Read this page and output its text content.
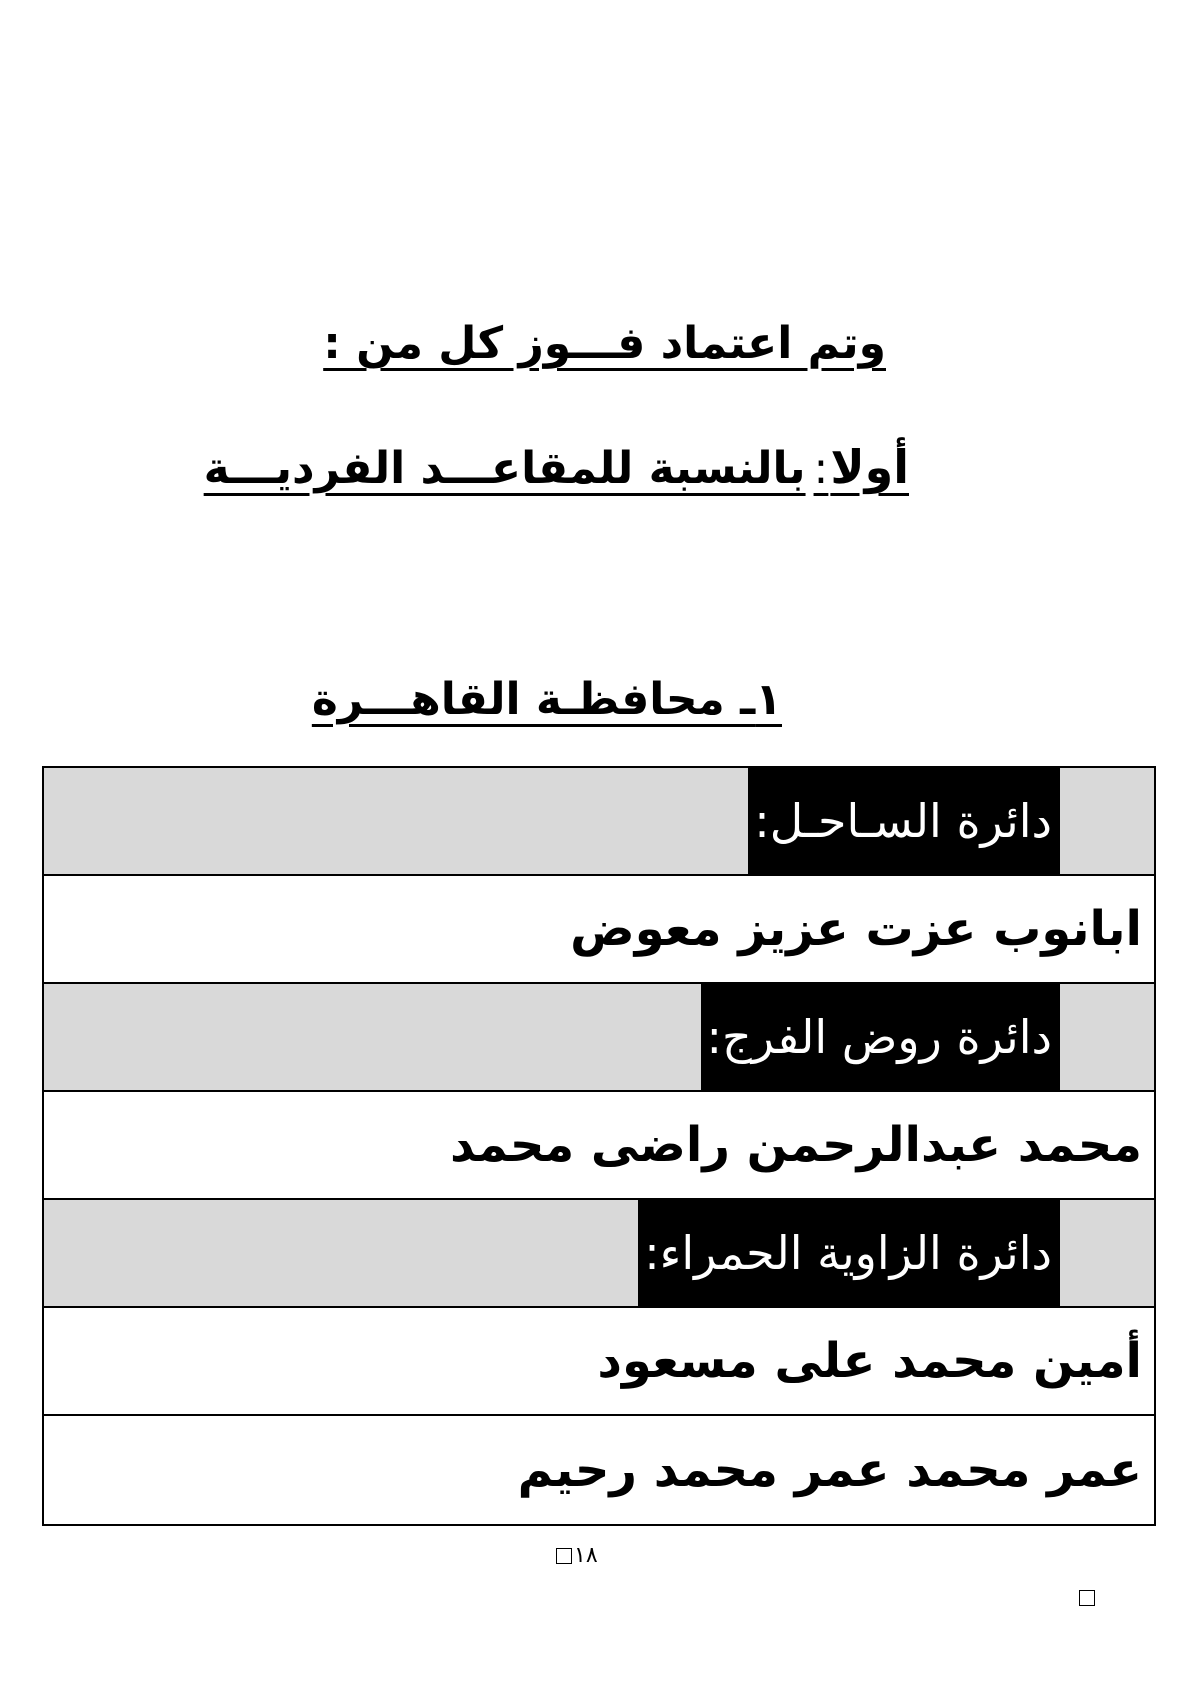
وتم اعتماد فـــوز كل من :
أولا:بالنسبة للمقاعـــد الفرديـــة
١ـ محافظـة القاهـــرة
دائرة السـاحـل:
ابانوب عزت عزيز معوض
دائرة روض الفرج:
محمد عبدالرحمن راضى محمد
دائرة الزاوية الحمراء:
أمين محمد على مسعود
عمر محمد عمر محمد رحيم
١٨
